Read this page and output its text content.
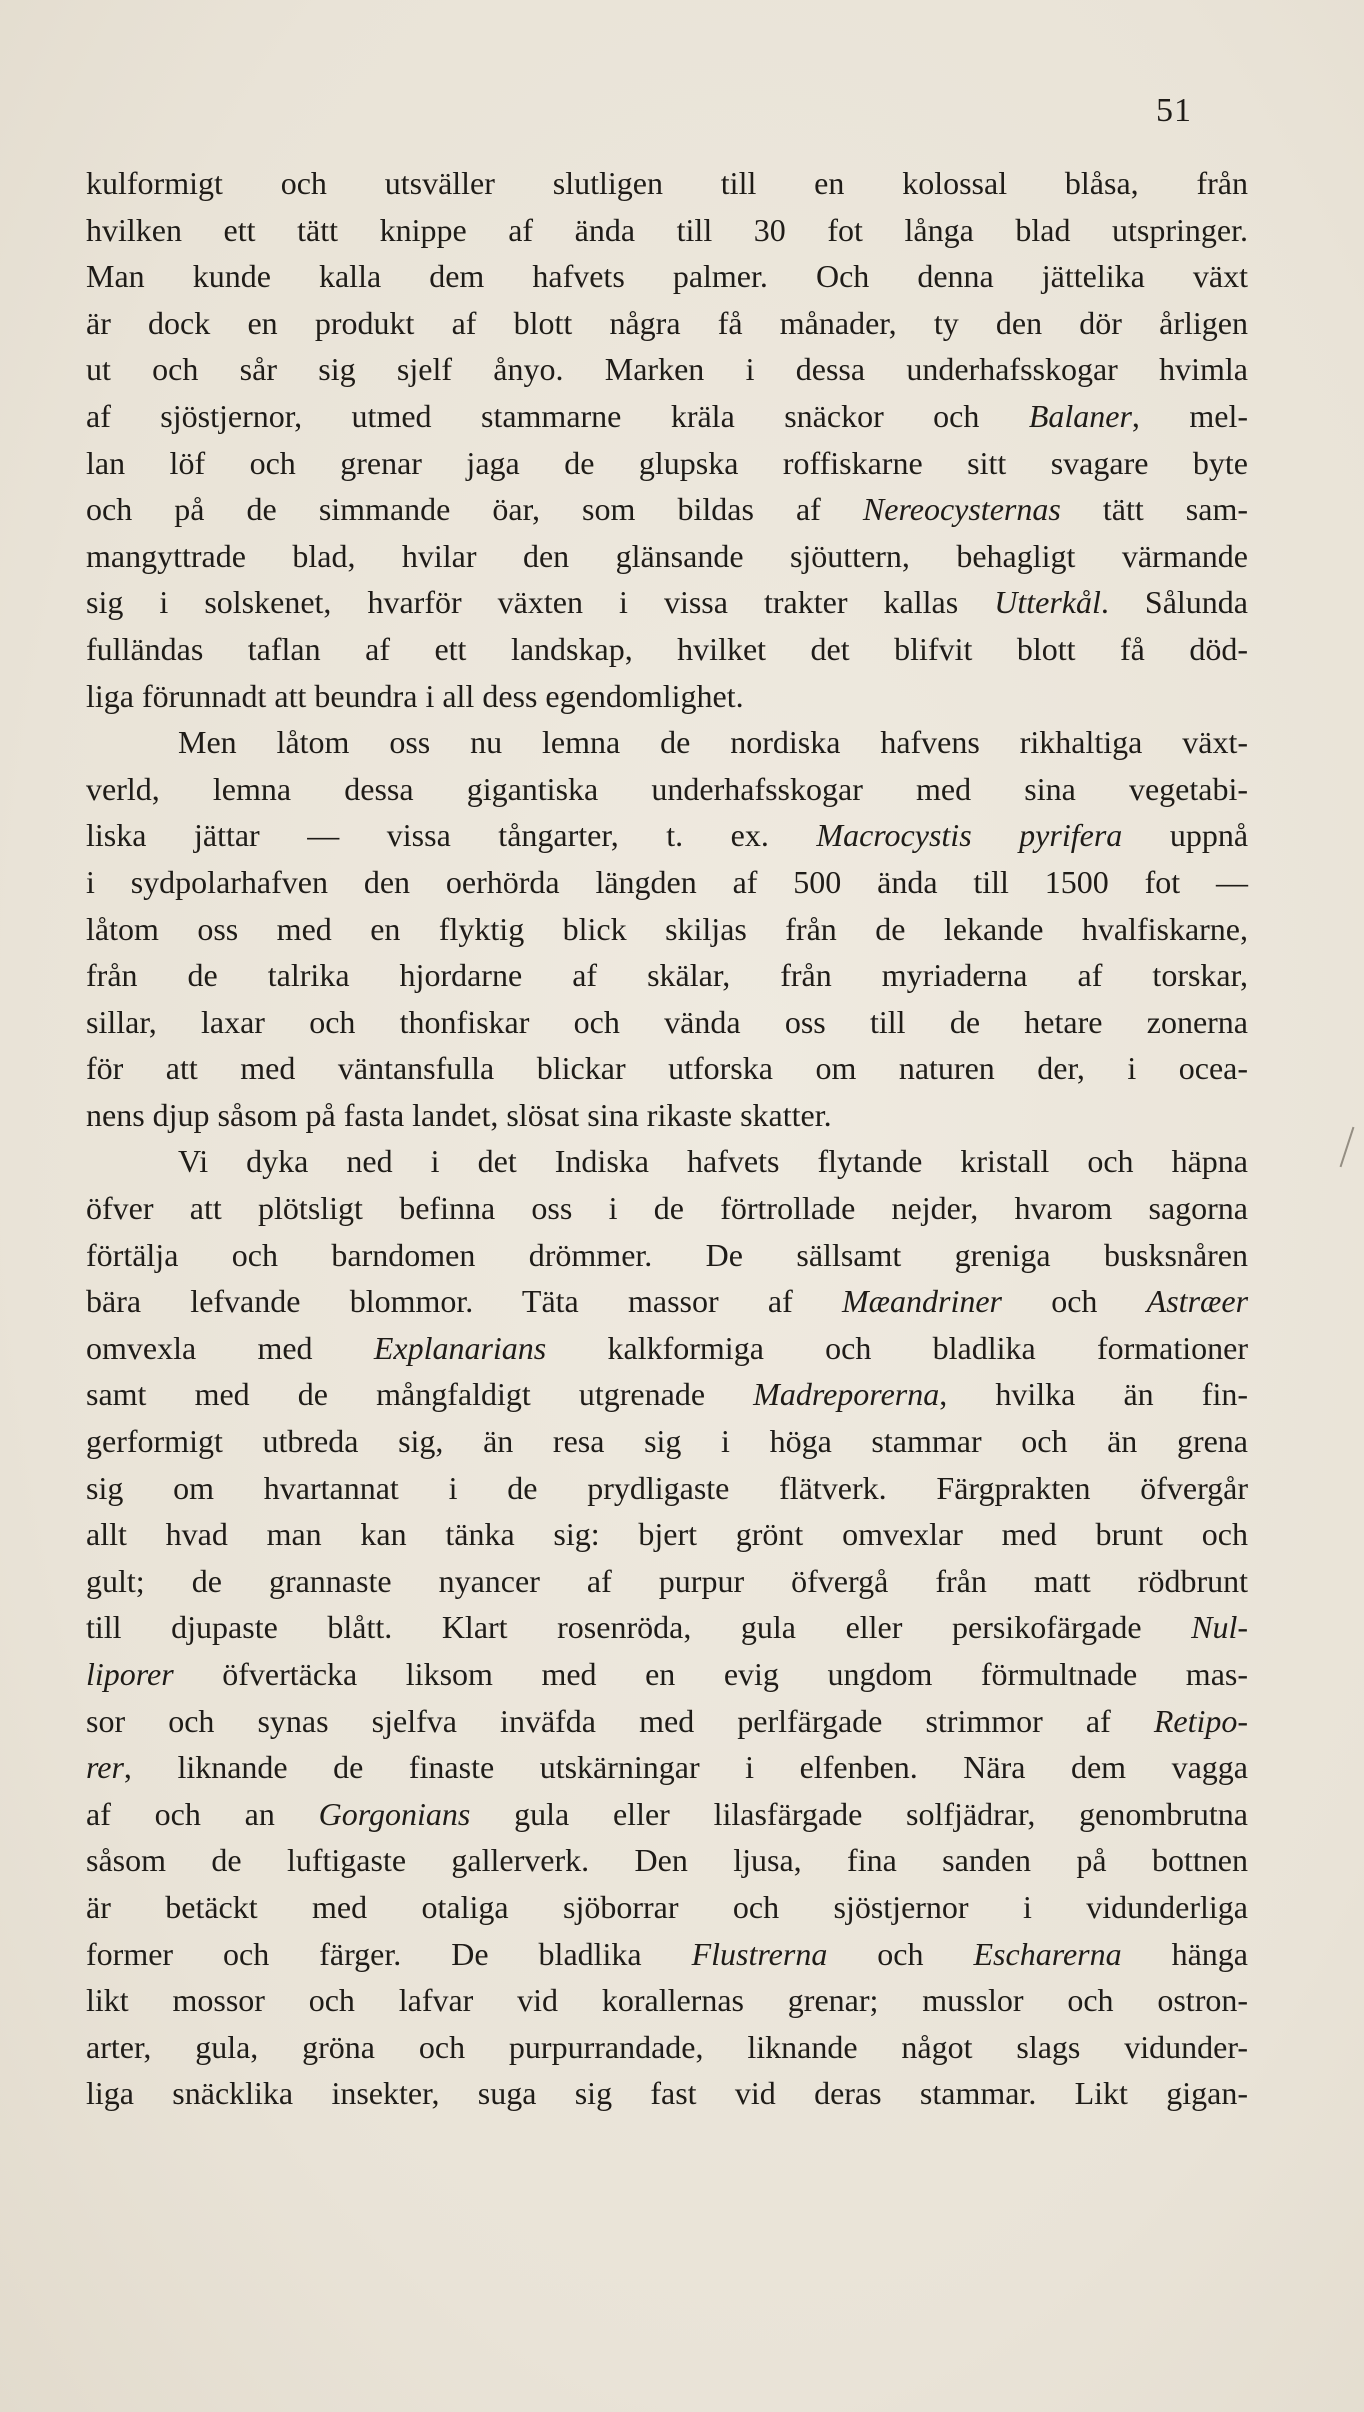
51
kulformigt och utsväller slutligen till en kolossal blåsa, från
hvilken ett tätt knippe af ända till 30 fot långa blad utspringer.
Man kunde kalla dem hafvets palmer. Och denna jättelika växt
är dock en produkt af blott några få månader, ty den dör årligen
ut och sår sig sjelf ånyo. Marken i dessa underhafsskogar hvimla
af sjöstjernor, utmed stammarne kräla snäckor och Balaner, mel-
lan löf och grenar jaga de glupska roffiskarne sitt svagare byte
och på de simmande öar, som bildas af Nereocysternas tätt sam-
mangyttrade blad, hvilar den glänsande sjöuttern, behagligt värmande
sig i solskenet, hvarför växten i vissa trakter kallas Utterkål. Sålunda
fulländas taflan af ett landskap, hvilket det blifvit blott få död-
liga förunnadt att beundra i all dess egendomlighet.
Men låtom oss nu lemna de nordiska hafvens rikhaltiga växt-
verld, lemna dessa gigantiska underhafsskogar med sina vegetabi-
liska jättar — vissa tångarter, t. ex. Macrocystis pyrifera uppnå
i sydpolarhafven den oerhörda längden af 500 ända till 1500 fot —
låtom oss med en flyktig blick skiljas från de lekande hvalfiskarne,
från de talrika hjordarne af skälar, från myriaderna af torskar,
sillar, laxar och thonfiskar och vända oss till de hetare zonerna
för att med väntansfulla blickar utforska om naturen der, i ocea-
nens djup såsom på fasta landet, slösat sina rikaste skatter.
Vi dyka ned i det Indiska hafvets flytande kristall och häpna
öfver att plötsligt befinna oss i de förtrollade nejder, hvarom sagorna
förtälja och barndomen drömmer. De sällsamt greniga busksnåren
bära lefvande blommor. Täta massor af Mæandriner och Astræer
omvexla med Explanarians kalkformiga och bladlika formationer
samt med de mångfaldigt utgrenade Madreporerna, hvilka än fin-
gerformigt utbreda sig, än resa sig i höga stammar och än grena
sig om hvartannat i de prydligaste flätverk. Färgprakten öfvergår
allt hvad man kan tänka sig: bjert grönt omvexlar med brunt och
gult; de grannaste nyancer af purpur öfvergå från matt rödbrunt
till djupaste blått. Klart rosenröda, gula eller persikofärgade Nul-
liporer öfvertäcka liksom med en evig ungdom förmultnade mas-
sor och synas sjelfva inväfda med perlfärgade strimmor af Retipo-
rer, liknande de finaste utskärningar i elfenben. Nära dem vagga
af och an Gorgonians gula eller lilasfärgade solfjädrar, genombrutna
såsom de luftigaste gallerverk. Den ljusa, fina sanden på bottnen
är betäckt med otaliga sjöborrar och sjöstjernor i vidunderliga
former och färger. De bladlika Flustrerna och Escharerna hänga
likt mossor och lafvar vid korallernas grenar; musslor och ostron-
arter, gula, gröna och purpurrandade, liknande något slags vidunder-
liga snäcklika insekter, suga sig fast vid deras stammar. Likt gigan-
